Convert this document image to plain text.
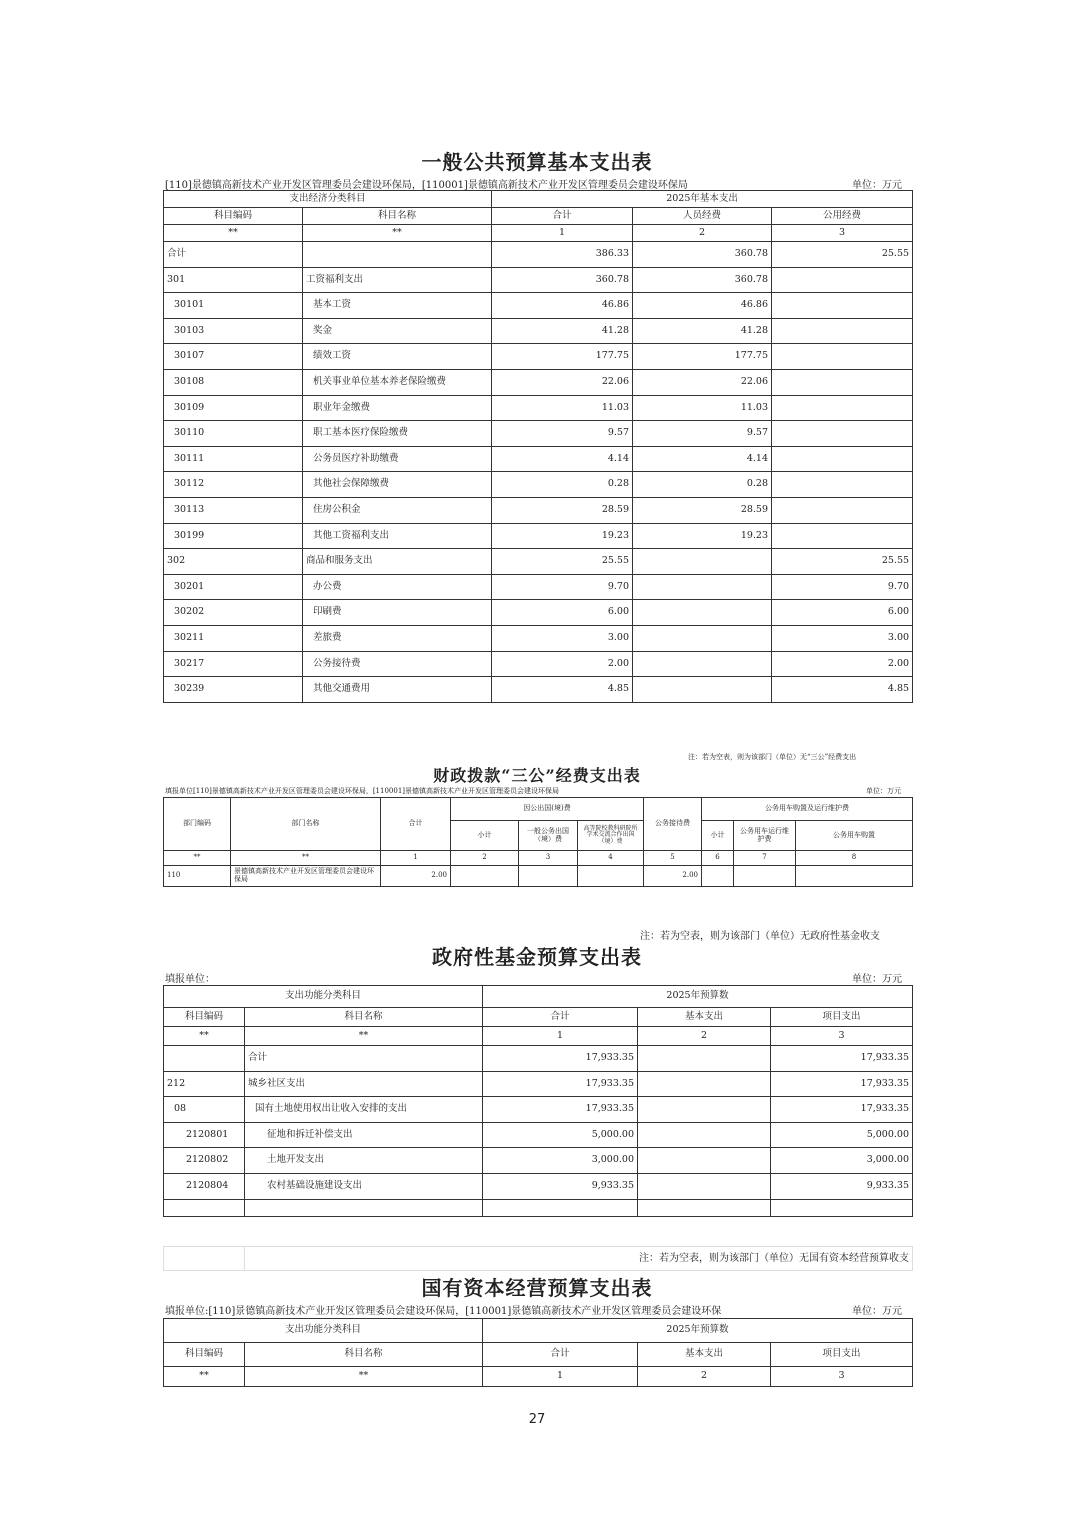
一般公共预算基本支出表
[110]景德镇高新技术产业开发区管理委员会建设环保局，[110001]景德镇高新技术产业开发区管理委员会建设环保局	单位：万元
支出经济分类科目		2025年基本支出		
科目编码	科目名称	合计	人员经费	公用经费
**	**	1	2	3
合计		386.33	360.78	25.55
301	工资福利支出	360.78	360.78	
30101	基本工资	46.86	46.86	
30103	奖金	41.28	41.28	
30107	绩效工资	177.75	177.75	
30108	机关事业单位基本养老保险缴费	22.06	22.06	
30109	职业年金缴费	11.03	11.03	
30110	职工基本医疗保险缴费	9.57	9.57	
30111	公务员医疗补助缴费	4.14	4.14	
30112	其他社会保障缴费	0.28	0.28	
30113	住房公积金	28.59	28.59	
30199	其他工资福利支出	19.23	19.23	
302	商品和服务支出	25.55		25.55
30201	办公费	9.70		9.70
30202	印刷费	6.00		6.00
30211	差旅费	3.00		3.00
30217	公务接待费	2.00		2.00
30239	其他交通费用	4.85		4.85
注：若为空表，则为该部门（单位）无“三公”经费支出
财政拨款“三公”经费支出表
填报单位[110]景德镇高新技术产业开发区管理委员会建设环保局，[110001]景德镇高新技术产业开发区管理委员会建设环保局	单位：万元
部门编码	部门名称	合计	因公出国(境)费			公务接待费	公务用车购置及运行维护费		
			小计	一般公务出国（境）费	高等院校教科研院所学术交流合作出国（境）费		小计	公务用车运行维护费	公务用车购置
**	**	1	2	3	4	5	6	7	8
110	景德镇高新技术产业开发区管理委员会建设环保局	2.00				2.00			
注：若为空表，则为该部门（单位）无政府性基金收支
政府性基金预算支出表
填报单位：	单位：万元
支出功能分类科目		2025年预算数		
科目编码	科目名称	合计	基本支出	项目支出
**	**	1	2	3
	合计	17,933.35		17,933.35
212	城乡社区支出	17,933.35		17,933.35
08	国有土地使用权出让收入安排的支出	17,933.35		17,933.35
2120801	征地和拆迁补偿支出	5,000.00		5,000.00
2120802	土地开发支出	3,000.00		3,000.00
2120804	农村基础设施建设支出	9,933.35		9,933.35

	注：若为空表，则为该部门（单位）无国有资本经营预算收支
国有资本经营预算支出表
填报单位:[110]景德镇高新技术产业开发区管理委员会建设环保局，[110001]景德镇高新技术产业开发区管理委员会建设环保	单位：万元
支出功能分类科目		2025年预算数		
科目编码	科目名称	合计	基本支出	项目支出
**	**	1	2	3
27
